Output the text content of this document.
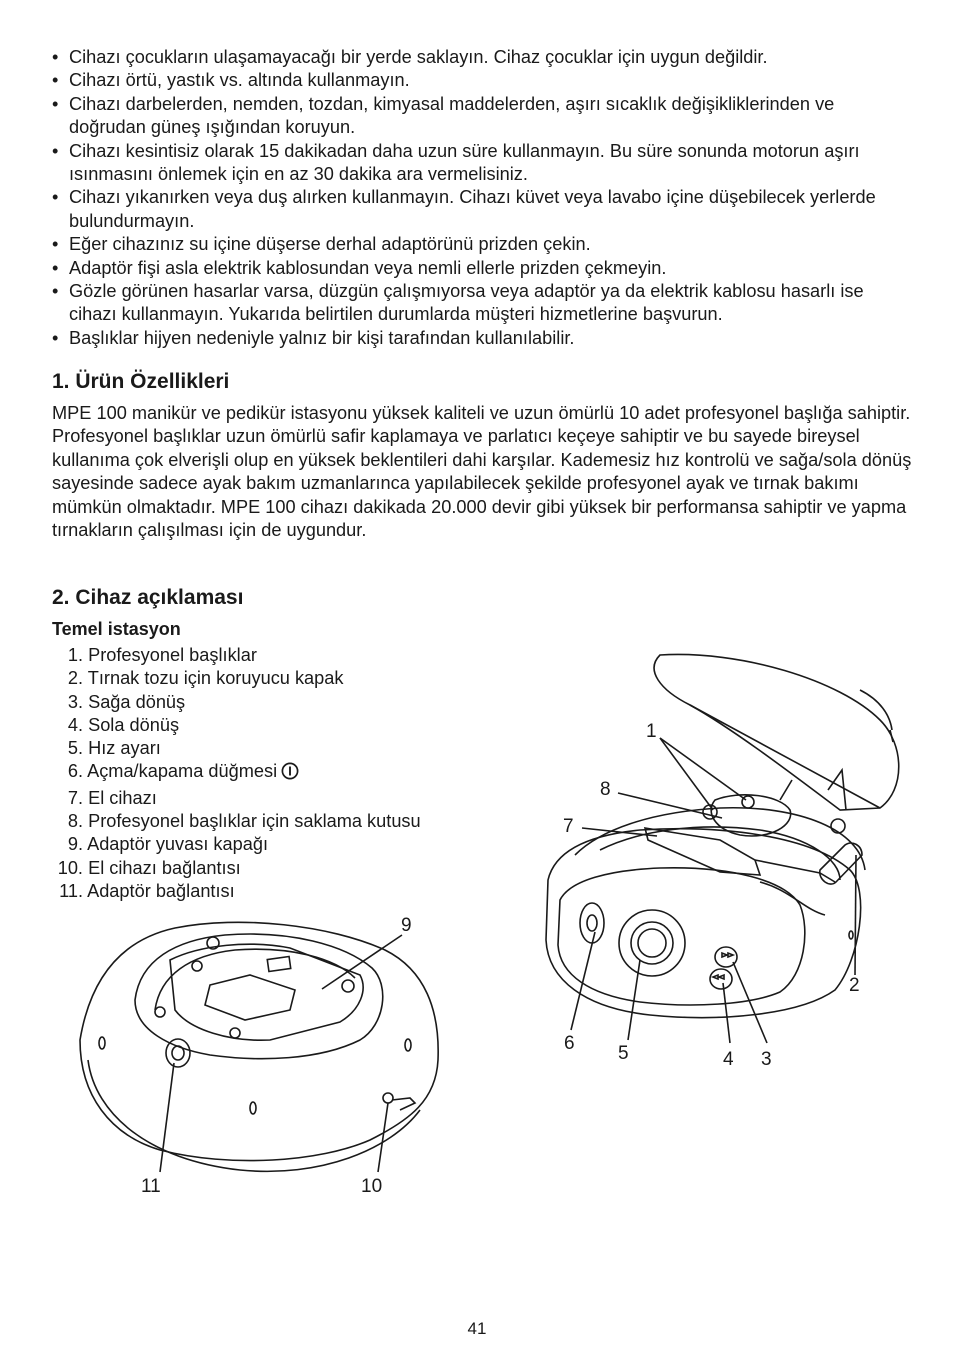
• Cihazı çocukların ulaşamayacağı bir yerde saklayın. Cihaz çocuklar için uygun değildir.
• Cihazı örtü, yastık vs. altında kullanmayın.
• Cihazı darbelerden, nemden, tozdan, kimyasal maddelerden, aşırı sıcaklık değişikliklerinden ve doğrudan güneş ışığından koruyun.
• Cihazı kesintisiz olarak 15 dakikadan daha uzun süre kullanmayın. Bu süre sonunda motorun aşırı ısınmasını önlemek için en az 30 dakika ara vermelisiniz.
• Cihazı yıkanırken veya duş alırken kullanmayın. Cihazı küvet veya lavabo içine düşebilecek yerlerde bulundurmayın.
• Eğer cihazınız su içine düşerse derhal adaptörünü prizden çekin.
• Adaptör fişi asla elektrik kablosundan veya nemli ellerle prizden çekmeyin.
• Gözle görünen hasarlar varsa, düzgün çalışmıyorsa veya adaptör ya da elektrik kablosu hasarlı ise cihazı kullanmayın. Yukarıda belirtilen durumlarda müşteri hizmetlerine başvurun.
• Başlıklar hijyen nedeniyle yalnız bir kişi tarafından kullanılabilir.
1. Ürün Özellikleri

MPE 100 manikür ve pedikür istasyonu yüksek kaliteli ve uzun ömürlü 10 adet profesyonel başlığa sahiptir. Profesyonel başlıklar uzun ömürlü safir kaplamaya ve parlatıcı keçeye sahiptir ve bu sayede bireysel kullanıma çok elverişli olup en yüksek beklentileri dahi karşılar. Kademesiz hız kontrolü ve sağa/sola dönüş sayesinde sadece ayak bakım uzmanlarınca yapılabilecek şekilde profesyonel ayak ve tırnak bakımı mümkün olmaktadır. MPE 100 cihazı dakikada 20.000 devir gibi yüksek bir performansa sahiptir ve yapma tırnakların çalışılması için de uygundur.

2. Cihaz açıklaması

Temel istasyon

1. Profesyonel başlıklar
2. Tırnak tozu için koruyucu kapak
3. Sağa dönüş
4. Sola dönüş
5. Hız ayarı
6. Açma/kapama düğmesi
7. El cihazı
8. Profesyonel başlıklar için saklama kutusu
9. Adaptör yuvası kapağı
10. El cihazı bağlantısı
11. Adaptör bağlantısı
9
11	10
1
8
7
2
6 5	4 3
41
